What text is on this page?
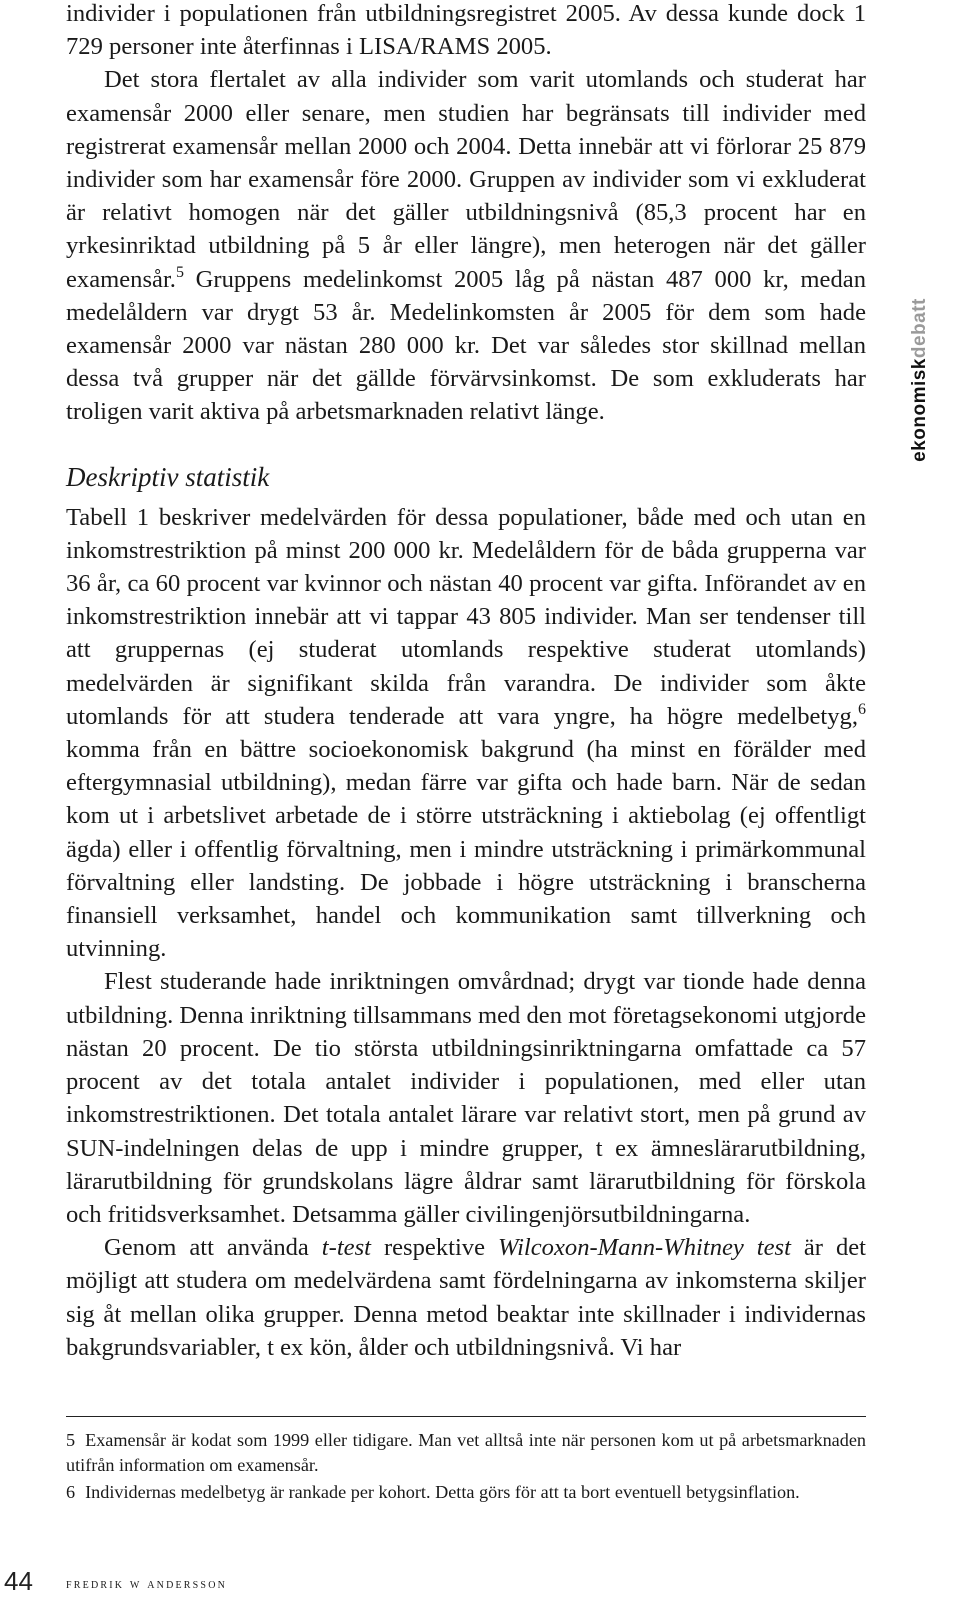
individer i populationen från utbildningsregistret 2005. Av dessa kunde dock 1 729 personer inte återfinnas i LISA/RAMS 2005.

Det stora flertalet av alla individer som varit utomlands och studerat har examensår 2000 eller senare, men studien har begränsats till individer med registrerat examensår mellan 2000 och 2004. Detta innebär att vi förlorar 25 879 individer som har examensår före 2000. Gruppen av individer som vi exkluderat är relativt homogen när det gäller utbildningsnivå (85,3 procent har en yrkesinriktad utbildning på 5 år eller längre), men heterogen när det gäller examensår.$^5$ Gruppens medelinkomst 2005 låg på nästan 487 000 kr, medan medelåldern var drygt 53 år. Medelinkomsten år 2005 för dem som hade examensår 2000 var nästan 280 000 kr. Det var således stor skillnad mellan dessa två grupper när det gällde förvärvsinkomst. De som exkluderats har troligen varit aktiva på arbetsmarknaden relativt länge.

Deskriptiv statistik

Tabell 1 beskriver medelvärden för dessa populationer, både med och utan en inkomstrestriktion på minst 200 000 kr. Medelåldern för de båda grupperna var 36 år, ca 60 procent var kvinnor och nästan 40 procent var gifta. Införandet av en inkomstrestriktion innebär att vi tappar 43 805 individer. Man ser tendenser till att gruppernas (ej studerat utomlands respektive studerat utomlands) medelvärden är signifikant skilda från varandra. De individer som åkte utomlands för att studera tenderade att vara yngre, ha högre medelbetyg,$^6$ komma från en bättre socioekonomisk bakgrund (ha minst en förälder med eftergymnasial utbildning), medan färre var gifta och hade barn. När de sedan kom ut i arbetslivet arbetade de i större utsträckning i aktiebolag (ej offentligt ägda) eller i offentlig förvaltning, men i mindre utsträckning i primärkommunal förvaltning eller landsting. De jobbade i högre utsträckning i branscherna finansiell verksamhet, handel och kommunikation samt tillverkning och utvinning.

Flest studerande hade inriktningen omvårdnad; drygt var tionde hade denna utbildning. Denna inriktning tillsammans med den mot företagsekonomi utgjorde nästan 20 procent. De tio största utbildningsinriktningarna omfattade ca 57 procent av det totala antalet individer i populationen, med eller utan inkomstrestriktionen. Det totala antalet lärare var relativt stort, men på grund av SUN-indelningen delas de upp i mindre grupper, t ex ämneslärarutbildning, lärarutbildning för grundskolans lägre åldrar samt lärarutbildning för förskola och fritidsverksamhet. Detsamma gäller civilingenjörsutbildningarna.

Genom att använda t-test respektive Wilcoxon-Mann-Whitney test är det möjligt att studera om medelvärdena samt fördelningarna av inkomsterna skiljer sig åt mellan olika grupper. Denna metod beaktar inte skillnader i individernas bakgrundsvariabler, t ex kön, ålder och utbildningsnivå. Vi har

5 Examensår är kodat som 1999 eller tidigare. Man vet alltså inte när personen kom ut på arbetsmarknaden utifrån information om examensår.

6 Individernas medelbetyg är rankade per kohort. Detta görs för att ta bort eventuell betygsinflation.

44 fredrik w andersson
ekonomiskdebatt
